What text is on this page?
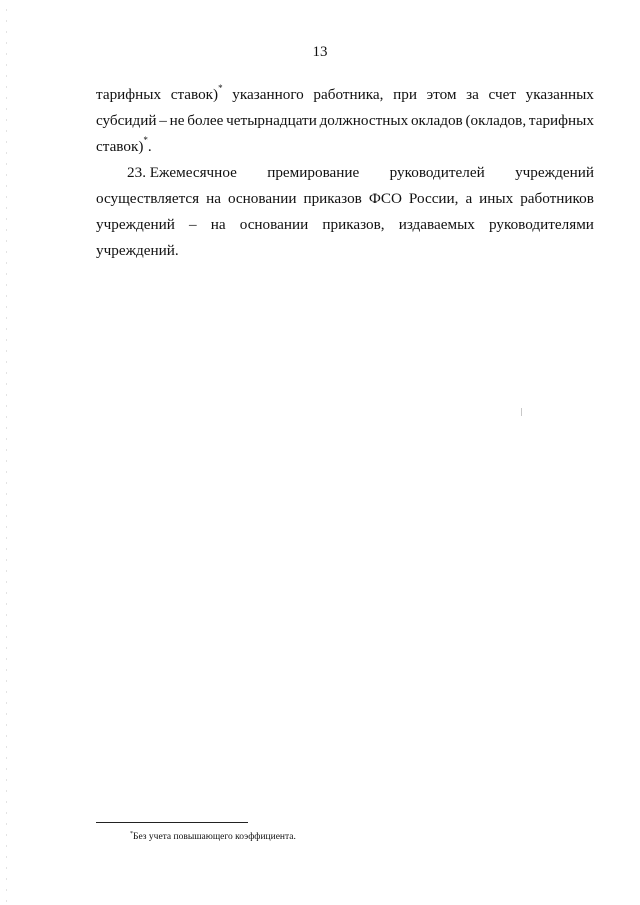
13
тарифных ставок)* указанного работника, при этом за счет указанных
субсидий – не более четырнадцати должностных окладов (окладов, тарифных
ставок)*.
23. Ежемесячное премирование руководителей учреждений
осуществляется на основании приказов ФСО России, а иных работников
учреждений – на основании приказов, издаваемых руководителями
учреждений.
*Без учета повышающего коэффициента.
